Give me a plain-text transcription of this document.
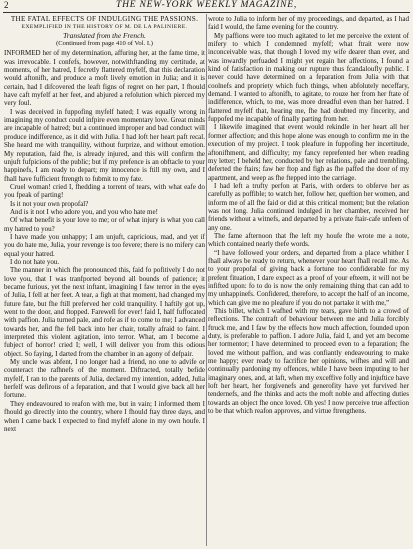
2	THE NEW-YORK WEEKLY MAGAZINE,
THE FATAL EFFECTS OF INDULGING THE PASSIONS.
EXEMPLIFIED IN THE HISTORY OF M. DE LA PALINIERE.
Translated from the French.
(Continued from page 410 of Vol. I.)

INFORMED her of my determination, affuring her, at the fame time, it was irrevocable. I confefs, however, notwithftanding my certitude, at moments, of her hatred, I fecretly flattered myfelf, that this declaration would aftonifh, and produce a moft lively emotion in Julia; and it is certain, had I difcovered the leaft figns of regret on her part, I fhould have caft myfelf at her feet, and abjured a refolution which pierced my very foul.

I was deceived in fuppofing myfelf hated; I was equally wrong in imagining my conduct could infpire even momentary love. Great minds are incapable of hatred; but a continued improper and bad conduct will produce indifference, as it did with Julia. I had loft her heart paft recal. She heard me with tranquility, without furprize, and without emotion. My reputation, faid fhe, is already injured, and this will confirm the unjuft fufpicions of the public; but if my prefence is an obftacle to your happinefs, I am ready to depart; my innocence is ftill my own, and I fhall have fufficient ftrength to fubmit to my fate.

Cruel woman! cried I, fhedding a torrent of tears, with what eafe do you fpeak of parting!

Is it not your own propofal?

And is it not I who adore you, and you who hate me!

Of what benefit is your love to me; or of what injury is what you call my hatred to you?

I have made you unhappy; I am unjuft, capricious, mad, and yet if you do hate me, Julia, your revenge is too fevere; there is no mifery can equal your hatred.

I do not hate you.

The manner in which fhe pronounced this, faid fo pofitively I do not love you, that I was tranfported beyond all bounds of patience; it became furious, yet the next inftant, imagining I faw terror in the eyes of Julia, I fell at her feet. A tear, a figh at that moment, had changed my future fate, but fhe ftill preferved her cold tranquility. I haftily got up, went to the door, and ftopped. Farewell for ever! faid I, half fuffocated with paffion. Julia turned pale, and rofe as if to come to me; I advanced towards her, and fhe fell back into her chair, totally afraid to faint. I interpreted this violent agitation, into terror. What, am I become a fubject of horror! cried I; well, I will deliver you from this odious object. So faying, I darted from the chamber in an agony of defpair.

My uncle was abfent, I no longer had a friend, no one to advife or counteract the rafhnefs of the moment. Diftracted, totally befide myfelf, I ran to the parents of Julia, declared my intention, added, Julia herfelf was defirous of a feparation, and that I would give back all her fortune.

They endeavoured to reafon with me, but in vain; I informed them I fhould go directly into the country, where I fhould ftay three days, and when I came back I expected to find myfelf alone in my own houfe. I next

wrote to Julia to inform her of my proceedings, and departed, as I had faid I would, the fame evening for the country.

My paffions were too much agitated to let me perceive the extent of mifery to which I condemned myfelf; what ftrait were now inconceivable was, that though I loved my wife dearer than ever, and was inwardly perfuaded I might yet regain her affections, I found a kind of fatisfaction in making our rupture thus fcandaloufly public. I never could have determined on a feparation from Julia with that coolnefs and propriety which fuch things, when abfolutely neceffary, demand. I wanted to aftonifh, to agitate, to rouze her from her ftate of indifference, which, to me, was more dreadful even than her hatred. I flattered myfelf that, hearing me, fhe had doubted my fincerity, and fuppofed me incapable of finally parting from her.

I likewife imagined that event would rekindle in her heart all her former affection; and this hope alone was enough to confirm me in the execution of my project. I took pleafure in fuppofing her incertitude, aftonifhment, and difficulty; my fancy reprefented her when reading my letter; I beheld her, conducted by her relations, pale and trembling, deferted the ftairs; faw her ftop and figh as fhe paffed the door of my apartment, and weep as fhe ftepped into the carriage.

I had left a trufty perfon at Paris, with orders to obferve her as carefully as poffible; to watch her, follow her, queftion her women, and inform me of all fhe faid or did at this critical moment; but the relation was not long. Julia continued indulged in her chamber, received her friends without a witnefs, and departed by a private ftair-cafe unfeen of any one.

The fame afternoon that fhe left my houfe fhe wrote me a note, which contained nearly thefe words.

“I have followed your orders, and departed from a place whither I fhall always be ready to return, whenever your heart fhall recall me. As to your propofal of giving back a fortune too confiderable for my prefent fituation, I dare expect as a proof of your efteem, it will not be infifted upon: fo to do is now the only remaining thing that can add to my unhappinefs. Confidered, therefore, to accept the half of an income, which can give me no pleafure if you do not partake it with me,”

This billet, which I wafhed with my tears, gave birth to a crowd of reflections. The contraft of behaviour between me and Julia forcibly ftruck me, and I faw by the effects how much affection, founded upon duty, is preferable to paffion. I adore Julia, faid I, and yet am become her tormentor; I have determined to proceed even to a feparation; fhe loved me without paffion, and was confiantly endeavouring to make me happy; ever ready to facrifice her opinions, wifhes and will and continually pardoning my offences, while I have been imputing to her imaginary ones, and, at laft, when my exceffive folly and injuftice have loft her heart, her forgivenefs and generofity have yet furvived her tendernefs, and fhe thinks and acts the moft noble and affecting duties towards an object fhe once loved. Oh yes! I now perceive true affection to be that which reafon approves, and virtue ftrengthens.
